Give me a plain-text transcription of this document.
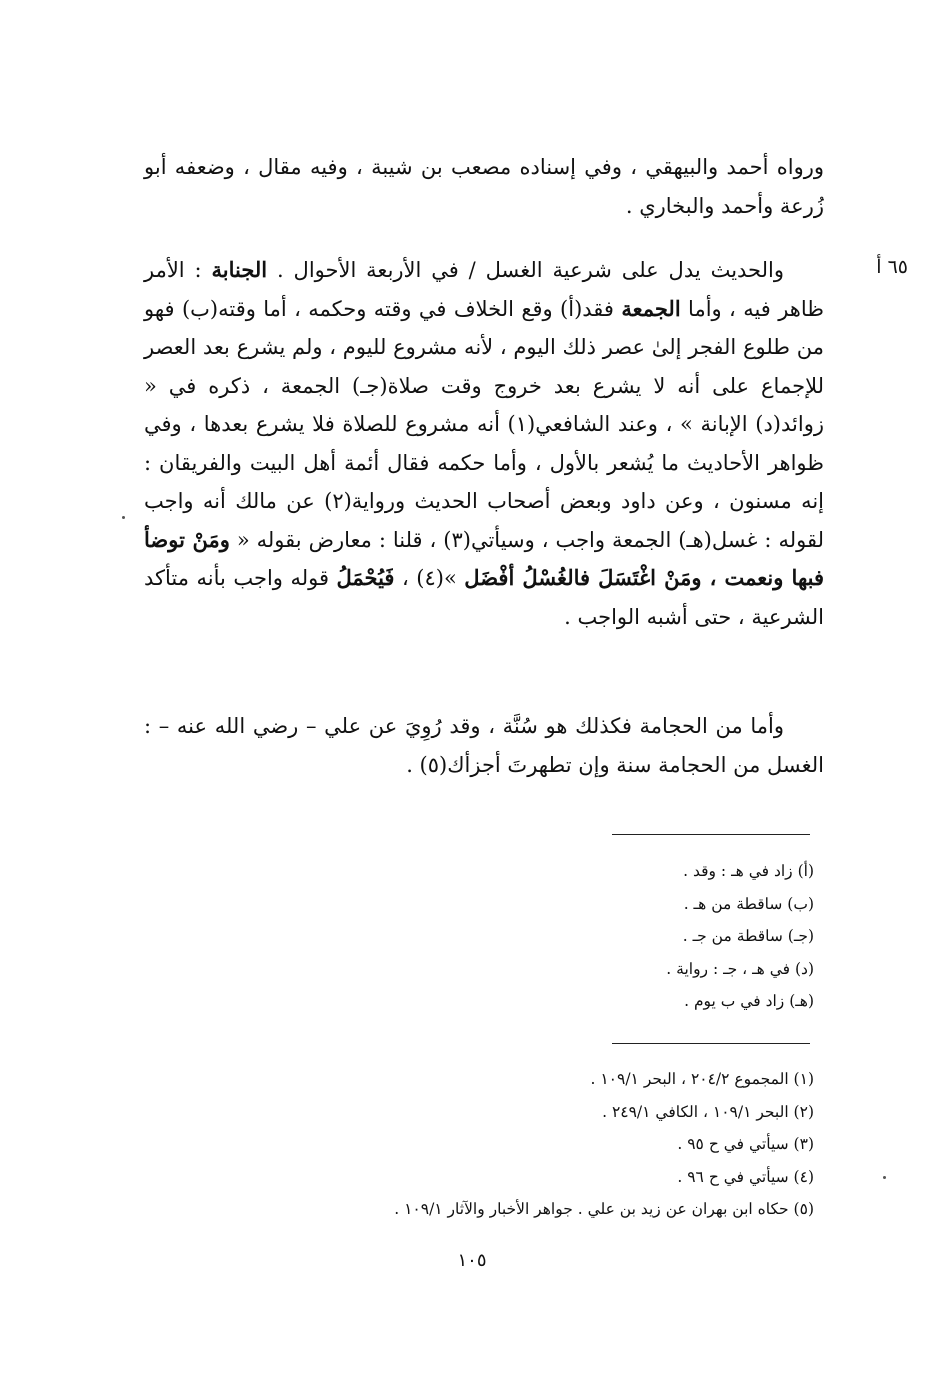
٦٥ أ

ورواه أحمد والبيهقي ، وفي إسناده مصعب بن شيبة ، وفيه مقال ، وضعفه أبو زُرعة وأحمد والبخاري .

والحديث يدل على شرعية الغسل / في الأربعة الأحوال . الجنابة : الأمر ظاهر فيه ، وأما الجمعة فقد(أ) وقع الخلاف في وقته وحكمه ، أما وقته(ب) فهو من طلوع الفجر إلىٰ عصر ذلك اليوم ، لأنه مشروع لليوم ، ولم يشرع بعد العصر للإجماع على أنه لا يشرع بعد خروج وقت صلاة(جـ) الجمعة ، ذكره في « زوائد(د) الإبانة » ، وعند الشافعي(١) أنه مشروع للصلاة فلا يشرع بعدها ، وفي ظواهر الأحاديث ما يُشعر بالأول ، وأما حكمه فقال أئمة أهل البيت والفريقان : إنه مسنون ، وعن داود وبعض أصحاب الحديث ورواية(٢) عن مالك أنه واجب لقوله : غسل(هـ) الجمعة واجب ، وسيأتي(٣) ، قلنا : معارض بقوله « ومَنْ توضأ فبها ونعمت ، ومَنْ اغْتَسَلَ فالغُسْلُ أفْضَل »(٤) ، فَيُحْمَلُ قوله واجب بأنه متأكد الشرعية ، حتى أشبه الواجب .

وأما من الحجامة فكذلك هو سُنَّة ، وقد رُوِيَ عن علي – رضي الله عنه – : الغسل من الحجامة سنة وإن تطهرتَ أجزأك(٥) .

(أ) زاد في هـ : وقد .
(ب) ساقطة من هـ .
(جـ) ساقطة من جـ .
(د) في هـ ، جـ : رواية .
(هـ) زاد في ب يوم .
(١) المجموع ٢٠٤/٢ ، البحر ١٠٩/١ .
(٢) البحر ١٠٩/١ ، الكافي ٢٤٩/١ .
(٣) سيأتي في ح ٩٥ .
(٤) سيأتي في ح ٩٦ .
(٥) حكاه ابن بهران عن زيد بن علي . جواهر الأخبار والآثار ١٠٩/١ .
١٠٥
